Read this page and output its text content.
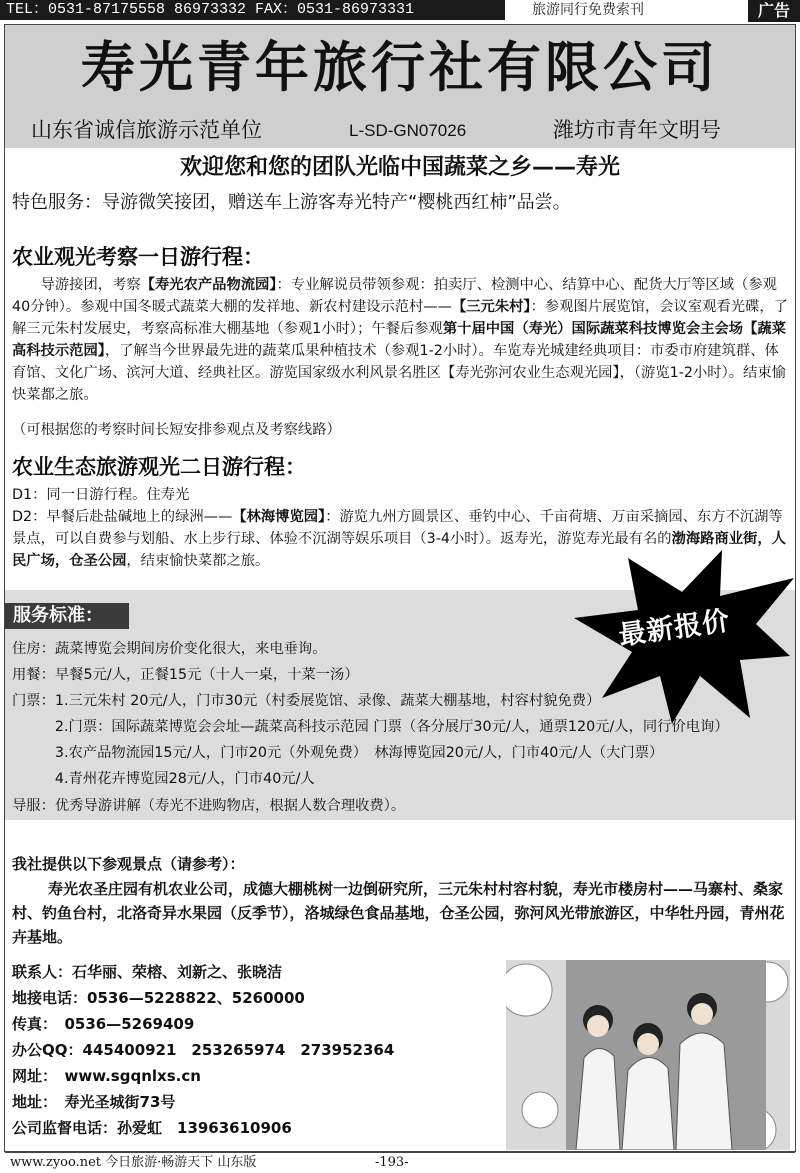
TEL：0531-87175558 86973332 FAX：0531-86973331	旅游同行免费索刊	广告
寿光青年旅行社有限公司
山东省诚信旅游示范单位	L-SD-GN07026	潍坊市青年文明号
欢迎您和您的团队光临中国蔬菜之乡——寿光
特色服务：导游微笑接团，赠送车上游客寿光特产“樱桃西红柿”品尝。
农业观光考察一日游行程：
　　导游接团，考察【寿光农产品物流园】：专业解说员带领参观：拍卖厅、检测中心、结算中心、配货大厅等区域（参观40分钟）。参观中国冬暖式蔬菜大棚的发祥地、新农村建设示范村——【三元朱村】：参观图片展览馆，会议室观看光碟，了解三元朱村发展史，考察高标准大棚基地（参观1小时）；午餐后参观第十届中国（寿光）国际蔬菜科技博览会主会场【蔬菜高科技示范园】，了解当今世界最先进的蔬菜瓜果种植技术（参观1-2小时）。车览寿光城建经典项目：市委市府建筑群、体育馆、文化广场、滨河大道、经典社区。游览国家级水利风景名胜区【寿光弥河农业生态观光园】，（游览1-2小时）。结束愉快菜都之旅。
（可根据您的考察时间长短安排参观点及考察线路）
农业生态旅游观光二日游行程：
D1：同一日游行程。住寿光
D2：早餐后赴盐碱地上的绿洲——【林海博览园】：游览九州方圆景区、垂钓中心、千亩荷塘、万亩采摘园、东方不沉湖等景点，可以自费参与划船、水上步行球、体验不沉湖等娱乐项目（3-4小时）。返寿光，游览寿光最有名的渤海路商业街，人民广场，仓圣公园，结束愉快菜都之旅。
服务标准：
住房：蔬菜博览会期间房价变化很大，来电垂询。
用餐：早餐5元/人，正餐15元（十人一桌，十菜一汤）
门票：1.三元朱村 20元/人，门市30元（村委展览馆、录像、蔬菜大棚基地，村容村貌免费）
　　　2.门票：国际蔬菜博览会会址—蔬菜高科技示范园 门票（各分展厅30元/人，通票120元/人，同行价电询）
　　　3.农产品物流园15元/人，门市20元（外观免费）　林海博览园20元/人，门市40元/人（大门票）
　　　4.青州花卉博览园28元/人，门市40元/人
导服：优秀导游讲解（寿光不进购物店，根据人数合理收费）。
最新报价
我社提供以下参观景点（请参考）：
寿光农圣庄园有机农业公司，成德大棚桃树一边倒研究所，三元朱村村容村貌，寿光市楼房村——马寨村、桑家村、钓鱼台村，北洛奇异水果园（反季节），洛城绿色食品基地，仓圣公园，弥河风光带旅游区，中华牡丹园，青州花卉基地。
联系人：石华丽、荣榕、刘新之、张晓洁
地接电话：0536—5228822、5260000
传真：　0536—5269409
办公QQ：445400921　253265974　273952364
网址：　www.sgqnlxs.cn
地址：　寿光圣城街73号
公司监督电话：孙爱虹　13963610906
www.zyoo.net 今日旅游·畅游天下 山东版	-193-
